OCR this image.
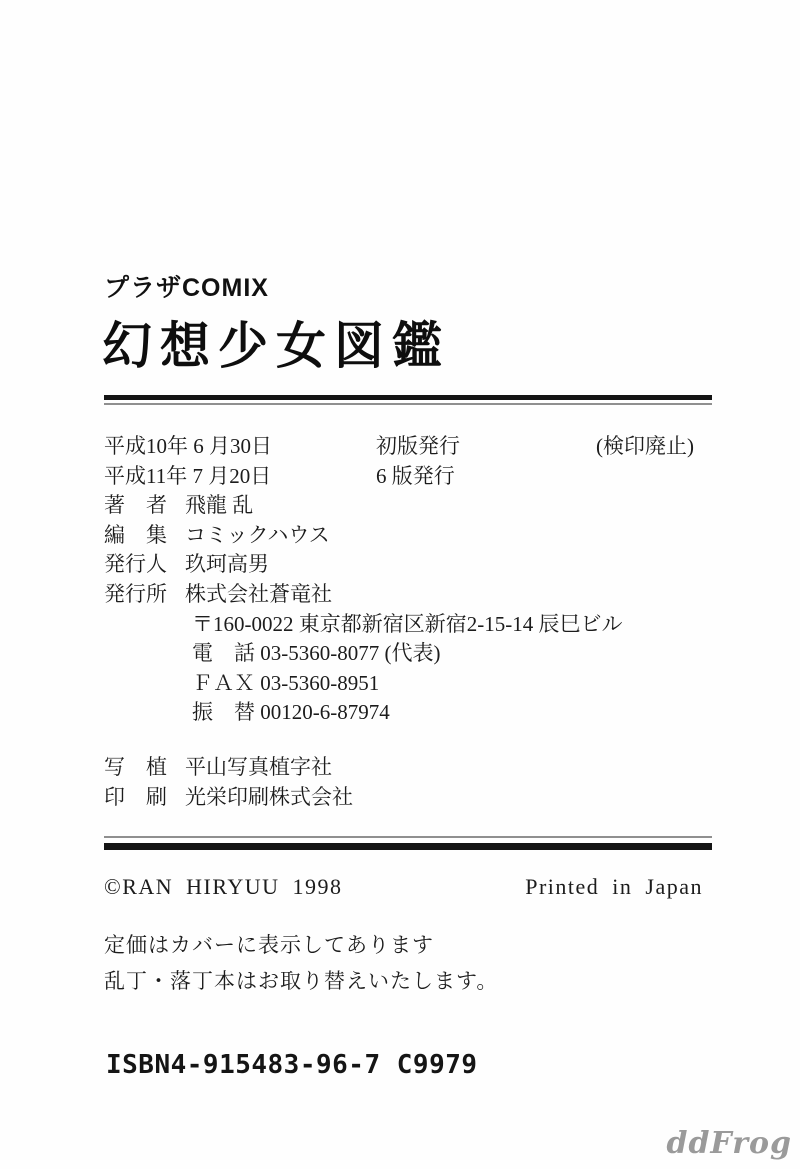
プラザCOMIX
幻想少女図鑑
平成10年 6 月30日	初版発行	(検印廃止)
平成11年 7 月20日	6 版発行
著　者 飛龍 乱
編　集 コミックハウス
発行人 玖珂高男
発行所 株式会社蒼竜社
〒160-0022 東京都新宿区新宿2-15-14 辰巳ビル
電　話 03-5360-8077 (代表)
ＦＡＸ 03-5360-8951
振　替 00120-6-87974
写　植 平山写真植字社
印　刷 光栄印刷株式会社
©RAN HIRYUU 1998	Printed in Japan
定価はカバーに表示してあります
乱丁・落丁本はお取り替えいたします。
ISBN4-915483-96-7 C9979
ddFrog
